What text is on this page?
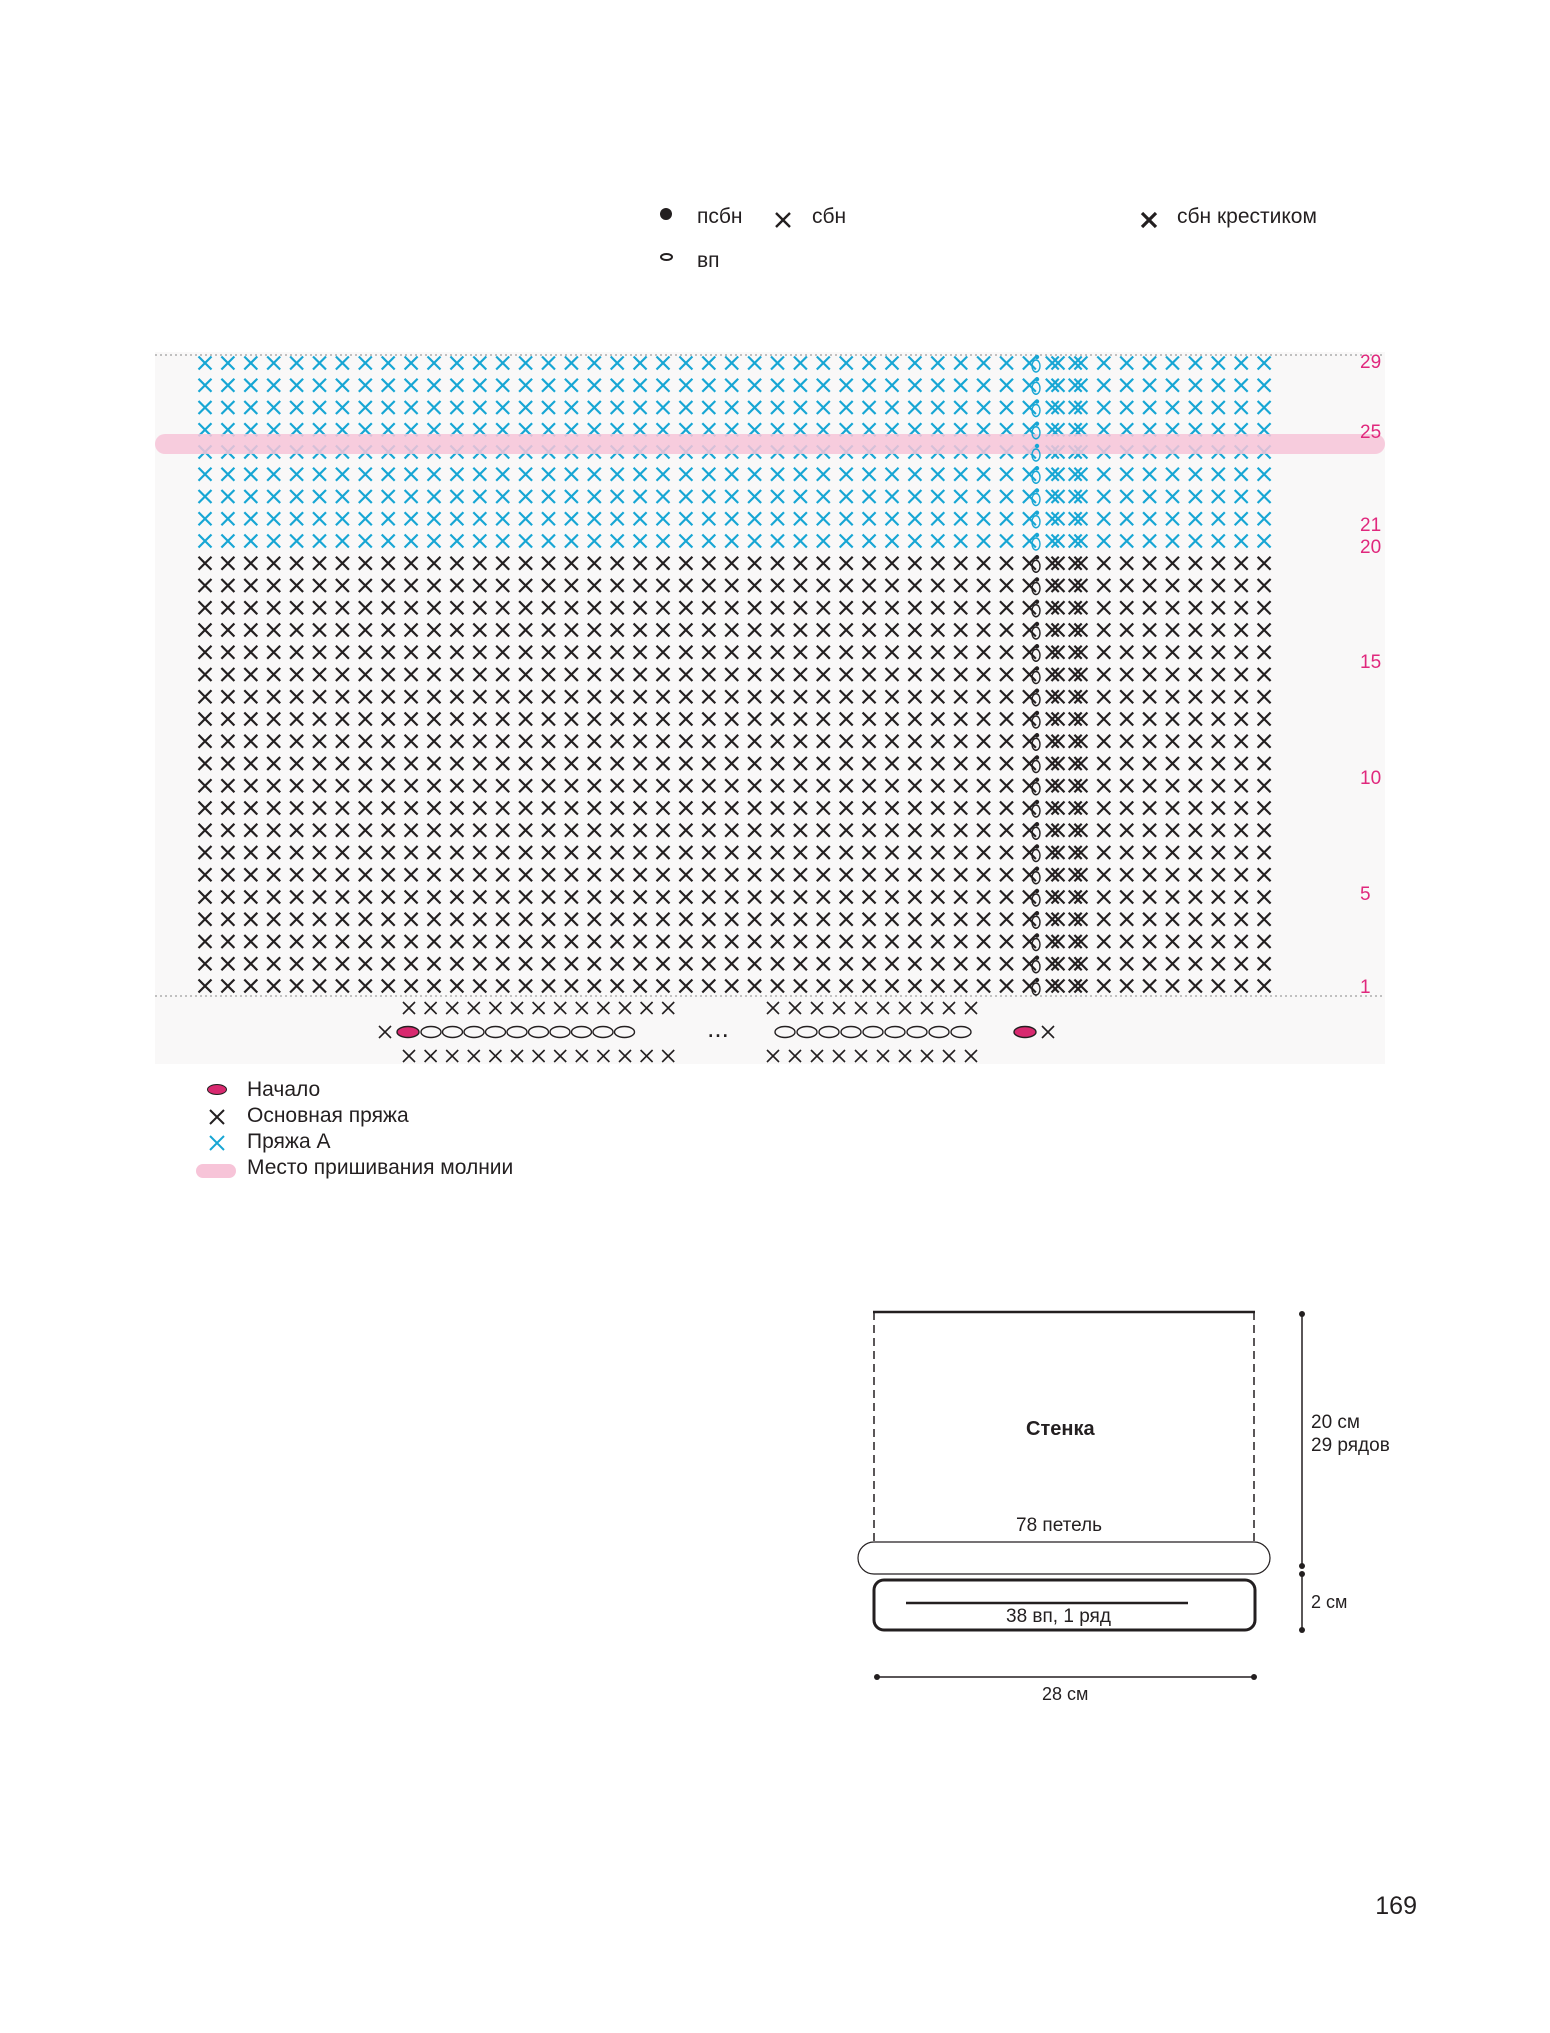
псбн	сбн
вп
сбн крестиком
...
29
25
21
20
15
10
5
1
Начало
Основная пряжа
Пряжа А
Место пришивания молнии
Стенка	20 см
29 рядов
78 петель
38 вп, 1 ряд
2 см
28 см
169
